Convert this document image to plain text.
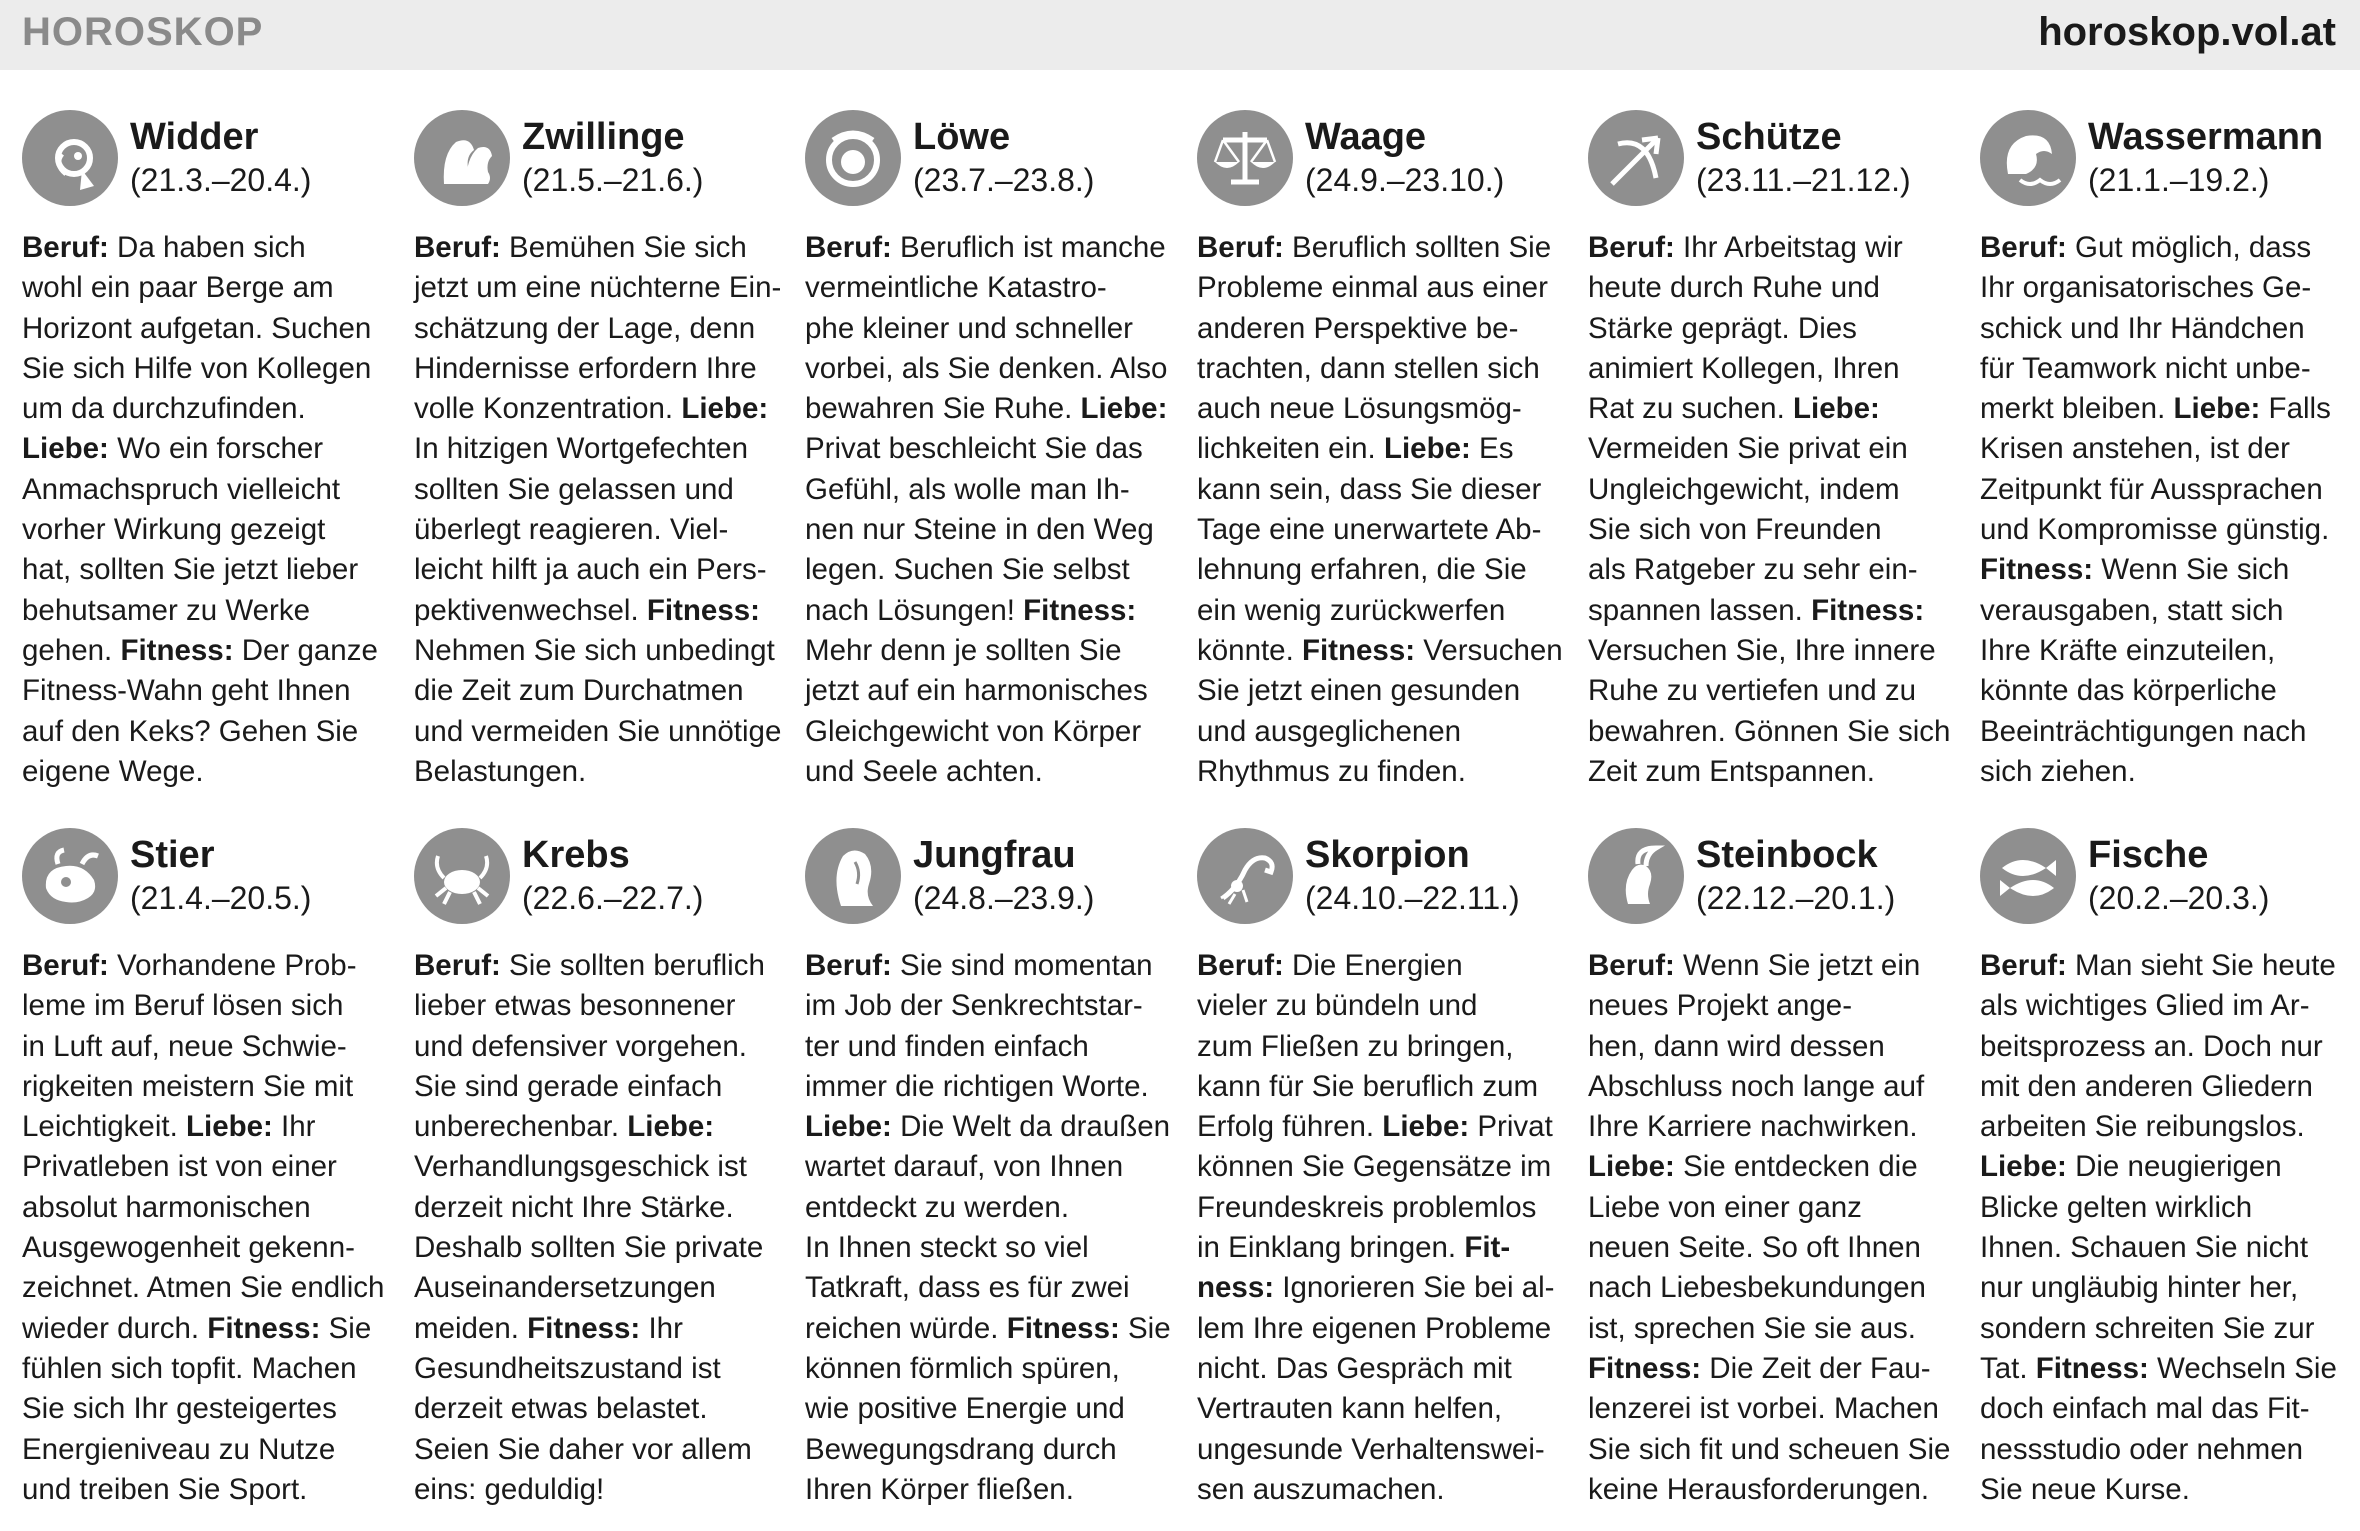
HOROSKOP	horoskop.vol.at
Widder
(21.3.–20.4.)
Beruf: Da haben sich
wohl ein paar Berge am
Horizont aufgetan. Suchen
Sie sich Hilfe von Kollegen
um da durchzufinden.
Liebe: Wo ein forscher
Anmachspruch vielleicht
vorher Wirkung gezeigt
hat, sollten Sie jetzt lieber
behutsamer zu Werke
gehen. Fitness: Der ganze
Fitness-Wahn geht Ihnen
auf den Keks? Gehen Sie
eigene Wege.
Zwillinge
(21.5.–21.6.)
Beruf: Bemühen Sie sich
jetzt um eine nüchterne Ein-
schätzung der Lage, denn
Hindernisse erfordern Ihre
volle Konzentration. Liebe:
In hitzigen Wortgefechten
sollten Sie gelassen und
überlegt reagieren. Viel-
leicht hilft ja auch ein Pers-
pektivenwechsel. Fitness:
Nehmen Sie sich unbedingt
die Zeit zum Durchatmen
und vermeiden Sie unnötige
Belastungen.
Löwe
(23.7.–23.8.)
Beruf: Beruflich ist manche
vermeintliche Katastro-
phe kleiner und schneller
vorbei, als Sie denken. Also
bewahren Sie Ruhe. Liebe:
Privat beschleicht Sie das
Gefühl, als wolle man Ih-
nen nur Steine in den Weg
legen. Suchen Sie selbst
nach Lösungen! Fitness:
Mehr denn je sollten Sie
jetzt auf ein harmonisches
Gleichgewicht von Körper
und Seele achten.
Waage
(24.9.–23.10.)
Beruf: Beruflich sollten Sie
Probleme einmal aus einer
anderen Perspektive be-
trachten, dann stellen sich
auch neue Lösungsmög-
lichkeiten ein. Liebe: Es
kann sein, dass Sie dieser
Tage eine unerwartete Ab-
lehnung erfahren, die Sie
ein wenig zurückwerfen
könnte. Fitness: Versuchen
Sie jetzt einen gesunden
und ausgeglichenen
Rhythmus zu finden.
Schütze
(23.11.–21.12.)
Beruf: Ihr Arbeitstag wir
heute durch Ruhe und
Stärke geprägt. Dies
animiert Kollegen, Ihren
Rat zu suchen. Liebe:
Vermeiden Sie privat ein
Ungleichgewicht, indem
Sie sich von Freunden
als Ratgeber zu sehr ein-
spannen lassen. Fitness:
Versuchen Sie, Ihre innere
Ruhe zu vertiefen und zu
bewahren. Gönnen Sie sich
Zeit zum Entspannen.
Wassermann
(21.1.–19.2.)
Beruf: Gut möglich, dass
Ihr organisatorisches Ge-
schick und Ihr Händchen
für Teamwork nicht unbe-
merkt bleiben. Liebe: Falls
Krisen anstehen, ist der
Zeitpunkt für Aussprachen
und Kompromisse günstig.
Fitness: Wenn Sie sich
verausgaben, statt sich
Ihre Kräfte einzuteilen,
könnte das körperliche
Beeinträchtigungen nach
sich ziehen.
Stier
(21.4.–20.5.)
Beruf: Vorhandene Prob-
leme im Beruf lösen sich
in Luft auf, neue Schwie-
rigkeiten meistern Sie mit
Leichtigkeit. Liebe: Ihr
Privatleben ist von einer
absolut harmonischen
Ausgewogenheit gekenn-
zeichnet. Atmen Sie endlich
wieder durch. Fitness: Sie
fühlen sich topfit. Machen
Sie sich Ihr gesteigertes
Energieniveau zu Nutze
und treiben Sie Sport.
Krebs
(22.6.–22.7.)
Beruf: Sie sollten beruflich
lieber etwas besonnener
und defensiver vorgehen.
Sie sind gerade einfach
unberechenbar. Liebe:
Verhandlungsgeschick ist
derzeit nicht Ihre Stärke.
Deshalb sollten Sie private
Auseinandersetzungen
meiden. Fitness: Ihr
Gesundheitszustand ist
derzeit etwas belastet.
Seien Sie daher vor allem
eins: geduldig!
Jungfrau
(24.8.–23.9.)
Beruf: Sie sind momentan
im Job der Senkrechtstar-
ter und finden einfach
immer die richtigen Worte.
Liebe: Die Welt da draußen
wartet darauf, von Ihnen
entdeckt zu werden.
In Ihnen steckt so viel
Tatkraft, dass es für zwei
reichen würde. Fitness: Sie
können förmlich spüren,
wie positive Energie und
Bewegungsdrang durch
Ihren Körper fließen.
Skorpion
(24.10.–22.11.)
Beruf: Die Energien
vieler zu bündeln und
zum Fließen zu bringen,
kann für Sie beruflich zum
Erfolg führen. Liebe: Privat
können Sie Gegensätze im
Freundeskreis problemlos
in Einklang bringen. Fit-
ness: Ignorieren Sie bei al-
lem Ihre eigenen Probleme
nicht. Das Gespräch mit
Vertrauten kann helfen,
ungesunde Verhaltenswei-
sen auszumachen.
Steinbock
(22.12.–20.1.)
Beruf: Wenn Sie jetzt ein
neues Projekt ange-
hen, dann wird dessen
Abschluss noch lange auf
Ihre Karriere nachwirken.
Liebe: Sie entdecken die
Liebe von einer ganz
neuen Seite. So oft Ihnen
nach Liebesbekundungen
ist, sprechen Sie sie aus.
Fitness: Die Zeit der Fau-
lenzerei ist vorbei. Machen
Sie sich fit und scheuen Sie
keine Herausforderungen.
Fische
(20.2.–20.3.)
Beruf: Man sieht Sie heute
als wichtiges Glied im Ar-
beitsprozess an. Doch nur
mit den anderen Gliedern
arbeiten Sie reibungslos.
Liebe: Die neugierigen
Blicke gelten wirklich
Ihnen. Schauen Sie nicht
nur ungläubig hinter her,
sondern schreiten Sie zur
Tat. Fitness: Wechseln Sie
doch einfach mal das Fit-
nessstudio oder nehmen
Sie neue Kurse.
